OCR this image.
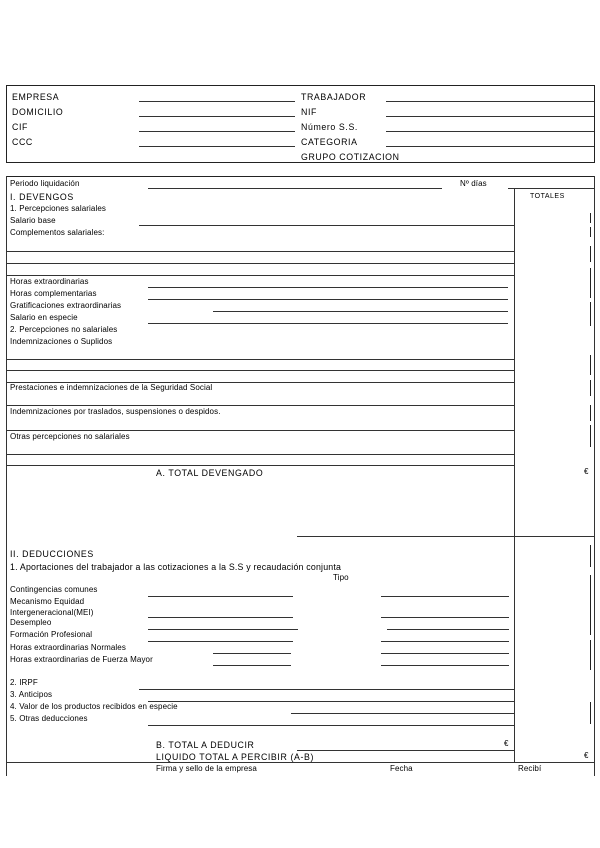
EMPRESA
DOMICILIO
CIF
CCC
TRABAJADOR
NIF
Número S.S.
CATEGORIA
GRUPO COTIZACION
Periodo liquidación	Nº días
I. DEVENGOS	TOTALES
1. Percepciones salariales
Salario base
Complementos salariales:
Horas extraordinarias
Horas complementarias
Gratificaciones extraordinarias
Salario en especie
2. Percepciones no salariales
Indemnizaciones o Suplidos
Prestaciones e indemnizaciones de la Seguridad Social
Indemnizaciones por traslados, suspensiones o despidos.
Otras percepciones no salariales
A. TOTAL DEVENGADO	€
II. DEDUCCIONES
1. Aportaciones del trabajador a las cotizaciones a la S.S y recaudación conjunta
Tipo
Contingencias comunes
Mecanismo Equidad
Intergeneracional(MEI)
Desempleo
Formación Profesional
Horas extraordinarias Normales
Horas extraordinarias de Fuerza Mayor
2. IRPF
3. Anticipos
4. Valor de los productos recibidos en especie
5. Otras deducciones
B. TOTAL A DEDUCIR	€
LIQUIDO TOTAL A PERCIBIR (A-B)	€
Firma y sello de la empresa	Fecha	Recibí
